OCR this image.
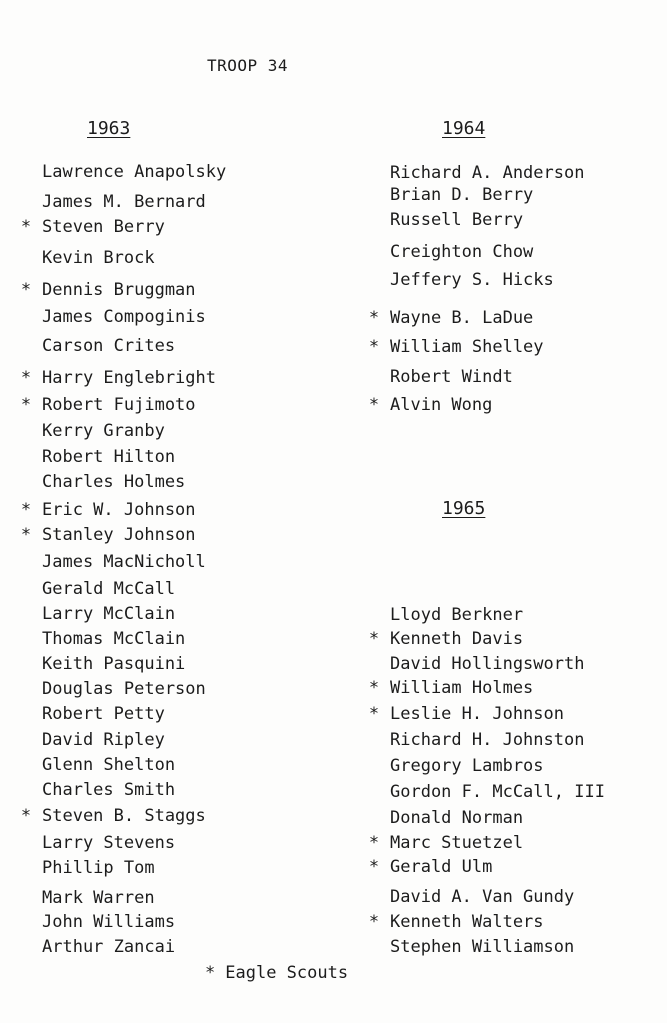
TROOP 34
1963	1964
1965
Lawrence Anapolsky
James M. Bernard
* Steven Berry
Kevin Brock
* Dennis Bruggman
James Compoginis
Carson Crites
* Harry Englebright
* Robert Fujimoto
Kerry Granby
Robert Hilton
Charles Holmes
* Eric W. Johnson
* Stanley Johnson
James MacNicholl
Gerald McCall
Larry McClain
Thomas McClain
Keith Pasquini
Douglas Peterson
Robert Petty
David Ripley
Glenn Shelton
Charles Smith
* Steven B. Staggs
Larry Stevens
Phillip Tom
Mark Warren
John Williams
Arthur Zancai
Richard A. Anderson
Brian D. Berry
Russell Berry
Creighton Chow
Jeffery S. Hicks
* Wayne B. LaDue
* William Shelley
Robert Windt
* Alvin Wong
Lloyd Berkner
* Kenneth Davis
David Hollingsworth
* William Holmes
* Leslie H. Johnson
Richard H. Johnston
Gregory Lambros
Gordon F. McCall, III
Donald Norman
* Marc Stuetzel
* Gerald Ulm
David A. Van Gundy
* Kenneth Walters
Stephen Williamson
* Eagle Scouts
